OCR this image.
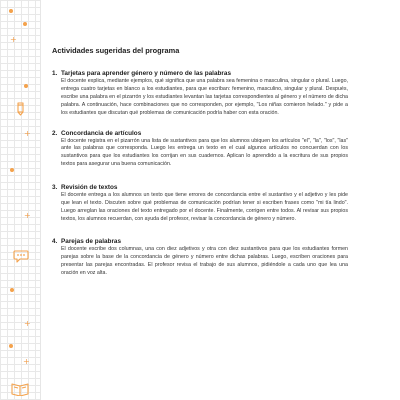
+
+
+
+
+
Actividades sugeridas del programa
1. Tarjetas para aprender género y número de las palabras
El docente explica, mediante ejemplos, qué significa que una palabra sea femenina o masculina, singular o plural. Luego, entrega cuatro tarjetas en blanco a los estudiantes, para que escriban: femenino, masculino, singular y plural. Después, escribe una palabra en el pizarrón y los estudiantes levantan las tarjetas correspondientes al género y el número de dicha palabra. A continuación, hace combinaciones que no corresponden, por ejemplo, "Los niñas comieron helado." y pide a los estudiantes que discutan qué problemas de comunicación podría haber con esta oración.
2. Concordancia de artículos
El docente registra en el pizarrón una lista de sustantivos para que los alumnos ubiquen los artículos "el", "la", "los", "las" ante las palabras que corresponda. Luego les entrega un texto en el cual algunos artículos no concuerdan con los sustantivos para que los estudiantes los corrijan en sus cuadernos. Aplican lo aprendido a la escritura de sus propios textos para asegurar una buena comunicación.
3. Revisión de textos
El docente entrega a los alumnos un texto que tiene errores de concordancia entre el sustantivo y el adjetivo y les pide que lean el texto. Discuten sobre qué problemas de comunicación podrían tener si escriben frases como "mi tía lindo". Luego arreglan las oraciones del texto entregado por el docente. Finalmente, corrigen entre todos. Al revisar sus propios textos, los alumnos recuerdan, con ayuda del profesor, revisar la concordancia de género y número.
4. Parejas de palabras
El docente escribe dos columnas, una con diez adjetivos y otra con diez sustantivos para que los estudiantes formen parejas sobre la base de la concordancia de género y número entre dichas palabras. Luego, escriben oraciones para presentar las parejas encontradas. El profesor revisa el trabajo de sus alumnos, pidiéndole a cada uno que lea una oración en voz alta.
